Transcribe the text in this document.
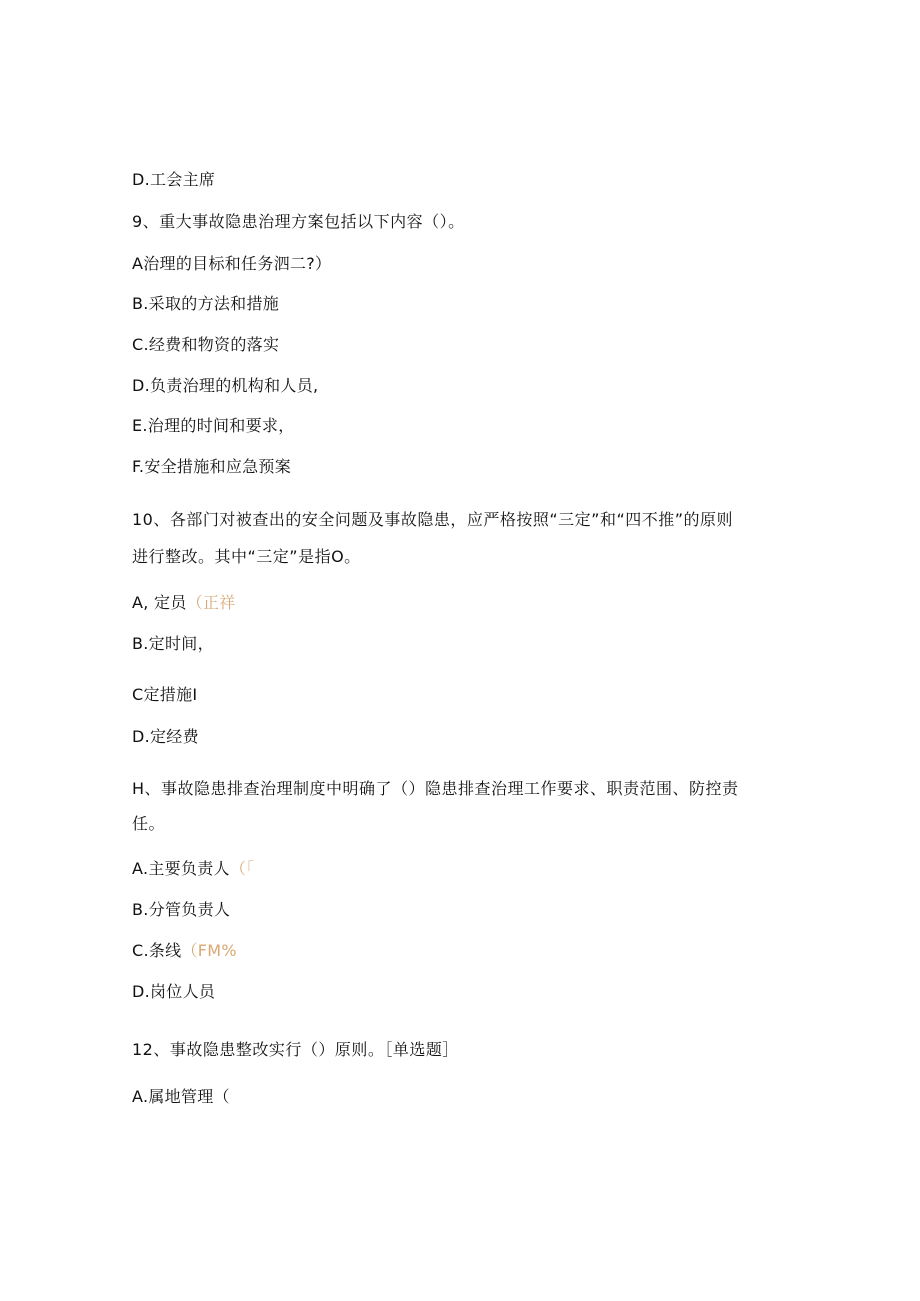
D.工会主席
9、重大事故隐患治理方案包括以下内容（）。
A治理的目标和任务泗二?）
B.采取的方法和措施
C.经费和物资的落实
D.负责治理的机构和人员,
E.治理的时间和要求，
F.安全措施和应急预案
10、各部门对被查出的安全问题及事故隐患，应严格按照“三定”和“四不推”的原则
进行整改。其中“三定”是指O。
A, 定员（正祥
B.定时间，
C定措施I
D.定经费
H、事故隐患排查治理制度中明确了（）隐患排查治理工作要求、职责范围、防控责
任。
A.主要负责人（「
B.分管负责人
C.条线（FM%
D.岗位人员
12、事故隐患整改实行（）原则。［单选题］
A.属地管理（
